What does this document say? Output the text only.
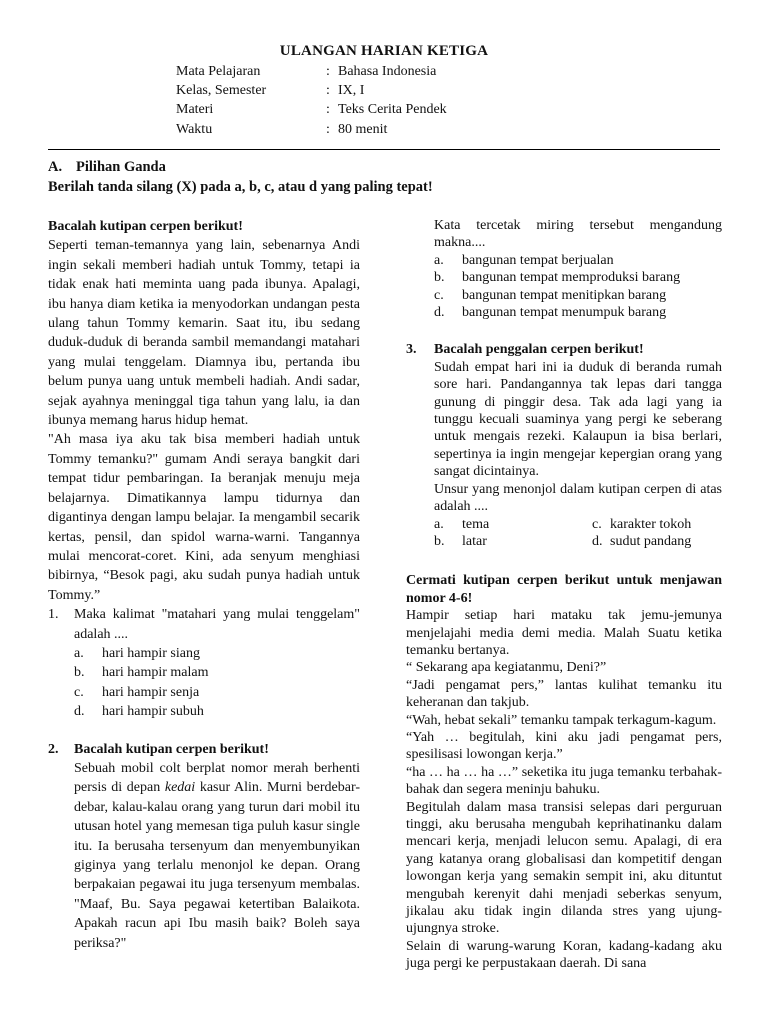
ULANGAN HARIAN KETIGA
Mata Pelajaran	: Bahasa Indonesia
Kelas, Semester	: IX, I
Materi	: Teks Cerita Pendek
Waktu	: 80 menit
A. Pilihan Ganda
Berilah tanda silang (X) pada a, b, c, atau d yang paling tepat!

Bacalah kutipan cerpen berikut!

Seperti teman-temannya yang lain, sebenarnya Andi ingin sekali memberi hadiah untuk Tommy, tetapi ia tidak enak hati meminta uang pada ibunya. Apalagi, ibu hanya diam ketika ia menyodorkan undangan pesta ulang tahun Tommy kemarin. Saat itu, ibu sedang duduk-duduk di beranda sambil memandangi matahari yang mulai tenggelam. Diamnya ibu, pertanda ibu belum punya uang untuk membeli hadiah. Andi sadar, sejak ayahnya meninggal tiga tahun yang lalu, ia dan ibunya memang harus hidup hemat.

"Ah masa iya aku tak bisa memberi hadiah untuk Tommy temanku?" gumam Andi seraya bangkit dari tempat tidur pembaringan. Ia beranjak menuju meja belajarnya. Dimatikannya lampu tidurnya dan digantinya dengan lampu belajar. Ia mengambil secarik kertas, pensil, dan spidol warna-warni. Tangannya mulai mencorat-coret. Kini, ada senyum menghiasi bibirnya, “Besok pagi, aku sudah punya hadiah untuk Tommy.”

1.	Maka kalimat "matahari yang mulai tenggelam" adalah ....

a.	hari hampir siang
b.	hari hampir malam
c.	hari hampir senja
d.	hari hampir subuh
2.	Bacalah kutipan cerpen berikut!

Sebuah mobil colt berplat nomor merah berhenti persis di depan kedai kasur Alin. Murni berdebar-debar, kalau-kalau orang yang turun dari mobil itu utusan hotel yang memesan tiga puluh kasur single itu. Ia berusaha tersenyum dan menyembunyikan giginya yang terlalu menonjol ke depan. Orang berpakaian pegawai itu juga tersenyum membalas. "Maaf, Bu. Saya pegawai ketertiban Balaikota. Apakah racun api Ibu masih baik? Boleh saya periksa?"

Kata tercetak miring tersebut mengandung makna....

a.	bangunan tempat berjualan
b.	bangunan tempat memproduksi barang
c.	bangunan tempat menitipkan barang
d.	bangunan tempat menumpuk barang
3.	Bacalah penggalan cerpen berikut!

Sudah empat hari ini ia duduk di beranda rumah sore hari. Pandangannya tak lepas dari tangga gunung di pinggir desa. Tak ada lagi yang ia tunggu kecuali suaminya yang pergi ke seberang untuk mengais rezeki. Kalaupun ia bisa berlari, sepertinya ia ingin mengejar kepergian orang yang sangat dicintainya.

Unsur yang menonjol dalam kutipan cerpen di atas adalah ....

a.	tema	c. karakter tokoh
b.	latar	d. sudut pandang

Cermati kutipan cerpen berikut untuk menjawan nomor 4-6!

Hampir setiap hari mataku tak jemu-jemunya menjelajahi media demi media. Malah Suatu ketika temanku bertanya.

“ Sekarang apa kegiatanmu, Deni?”

“Jadi pengamat pers,” lantas kulihat temanku itu keheranan dan takjub.

“Wah, hebat sekali” temanku tampak terkagum-kagum.

“Yah … begitulah, kini aku jadi pengamat pers, spesilisasi lowongan kerja.”

“ha … ha … ha …” seketika itu juga temanku terbahak-bahak dan segera meninju bahuku.

Begitulah dalam masa transisi selepas dari perguruan tinggi, aku berusaha mengubah keprihatinanku dalam mencari kerja, menjadi lelucon semu. Apalagi, di era yang katanya orang globalisasi dan kompetitif dengan lowongan kerja yang semakin sempit ini, aku dituntut mengubah kerenyit dahi menjadi seberkas senyum, jikalau aku tidak ingin dilanda stres yang ujung-ujungnya stroke.

Selain di warung-warung Koran, kadang-kadang aku juga pergi ke perpustakaan daerah. Di sana
